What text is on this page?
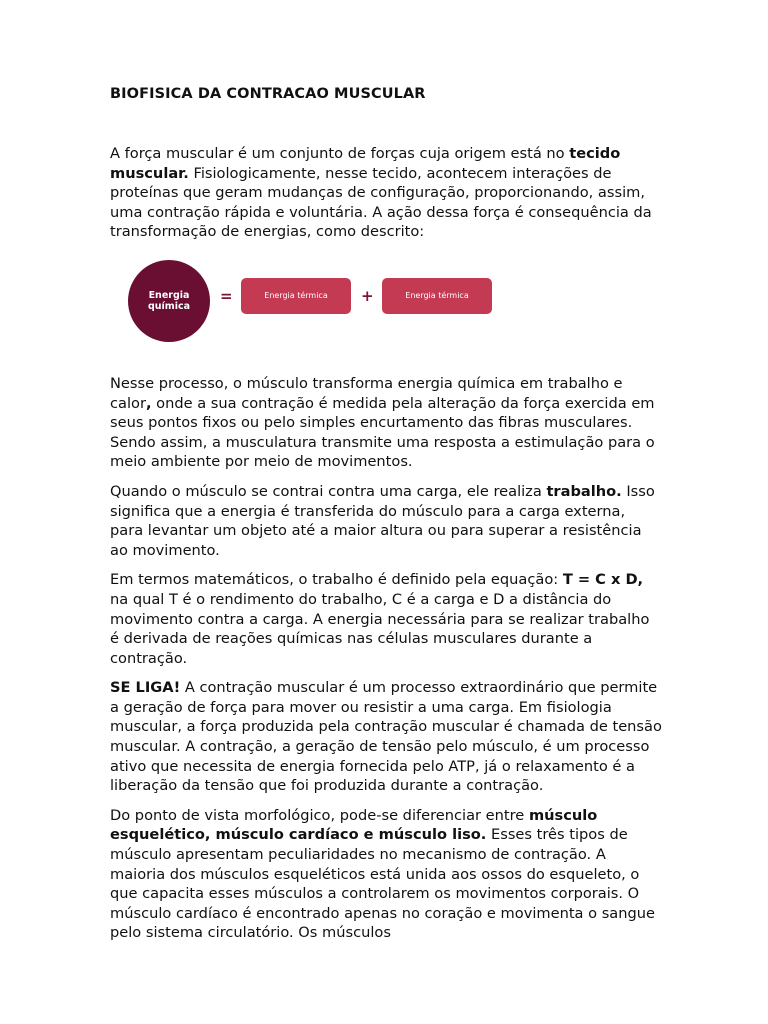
BIOFISICA DA CONTRACAO MUSCULAR

A força muscular é um conjunto de forças cuja origem está no tecido muscular. Fisiologicamente, nesse tecido, acontecem interações de proteínas que geram mudanças de configuração, proporcionando, assim, uma contração rápida e voluntária. A ação dessa força é consequência da transformação de energias, como descrito:

Energia química
=	Energia térmica	+	Energia térmica

Nesse processo, o músculo transforma energia química em trabalho e calor, onde a sua contração é medida pela alteração da força exercida em seus pontos fixos ou pelo simples encurtamento das fibras musculares. Sendo assim, a musculatura transmite uma resposta a estimulação para o meio ambiente por meio de movimentos.

Quando o músculo se contrai contra uma carga, ele realiza trabalho. Isso significa que a energia é transferida do músculo para a carga externa, para levantar um objeto até a maior altura ou para superar a resistência ao movimento.

Em termos matemáticos, o trabalho é definido pela equação: T = C x D, na qual T é o rendimento do trabalho, C é a carga e D a distância do movimento contra a carga. A energia necessária para se realizar trabalho é derivada de reações químicas nas células musculares durante a contração.

SE LIGA! A contração muscular é um processo extraordinário que permite a geração de força para mover ou resistir a uma carga. Em fisiologia muscular, a força produzida pela contração muscular é chamada de tensão muscular. A contração, a geração de tensão pelo músculo, é um processo ativo que necessita de energia fornecida pelo ATP, já o relaxamento é a liberação da tensão que foi produzida durante a contração.

Do ponto de vista morfológico, pode-se diferenciar entre músculo esquelético, músculo cardíaco e músculo liso. Esses três tipos de músculo apresentam peculiaridades no mecanismo de contração. A maioria dos músculos esqueléticos está unida aos ossos do esqueleto, o que capacita esses músculos a controlarem os movimentos corporais. O músculo cardíaco é encontrado apenas no coração e movimenta o sangue pelo sistema circulatório. Os músculos
